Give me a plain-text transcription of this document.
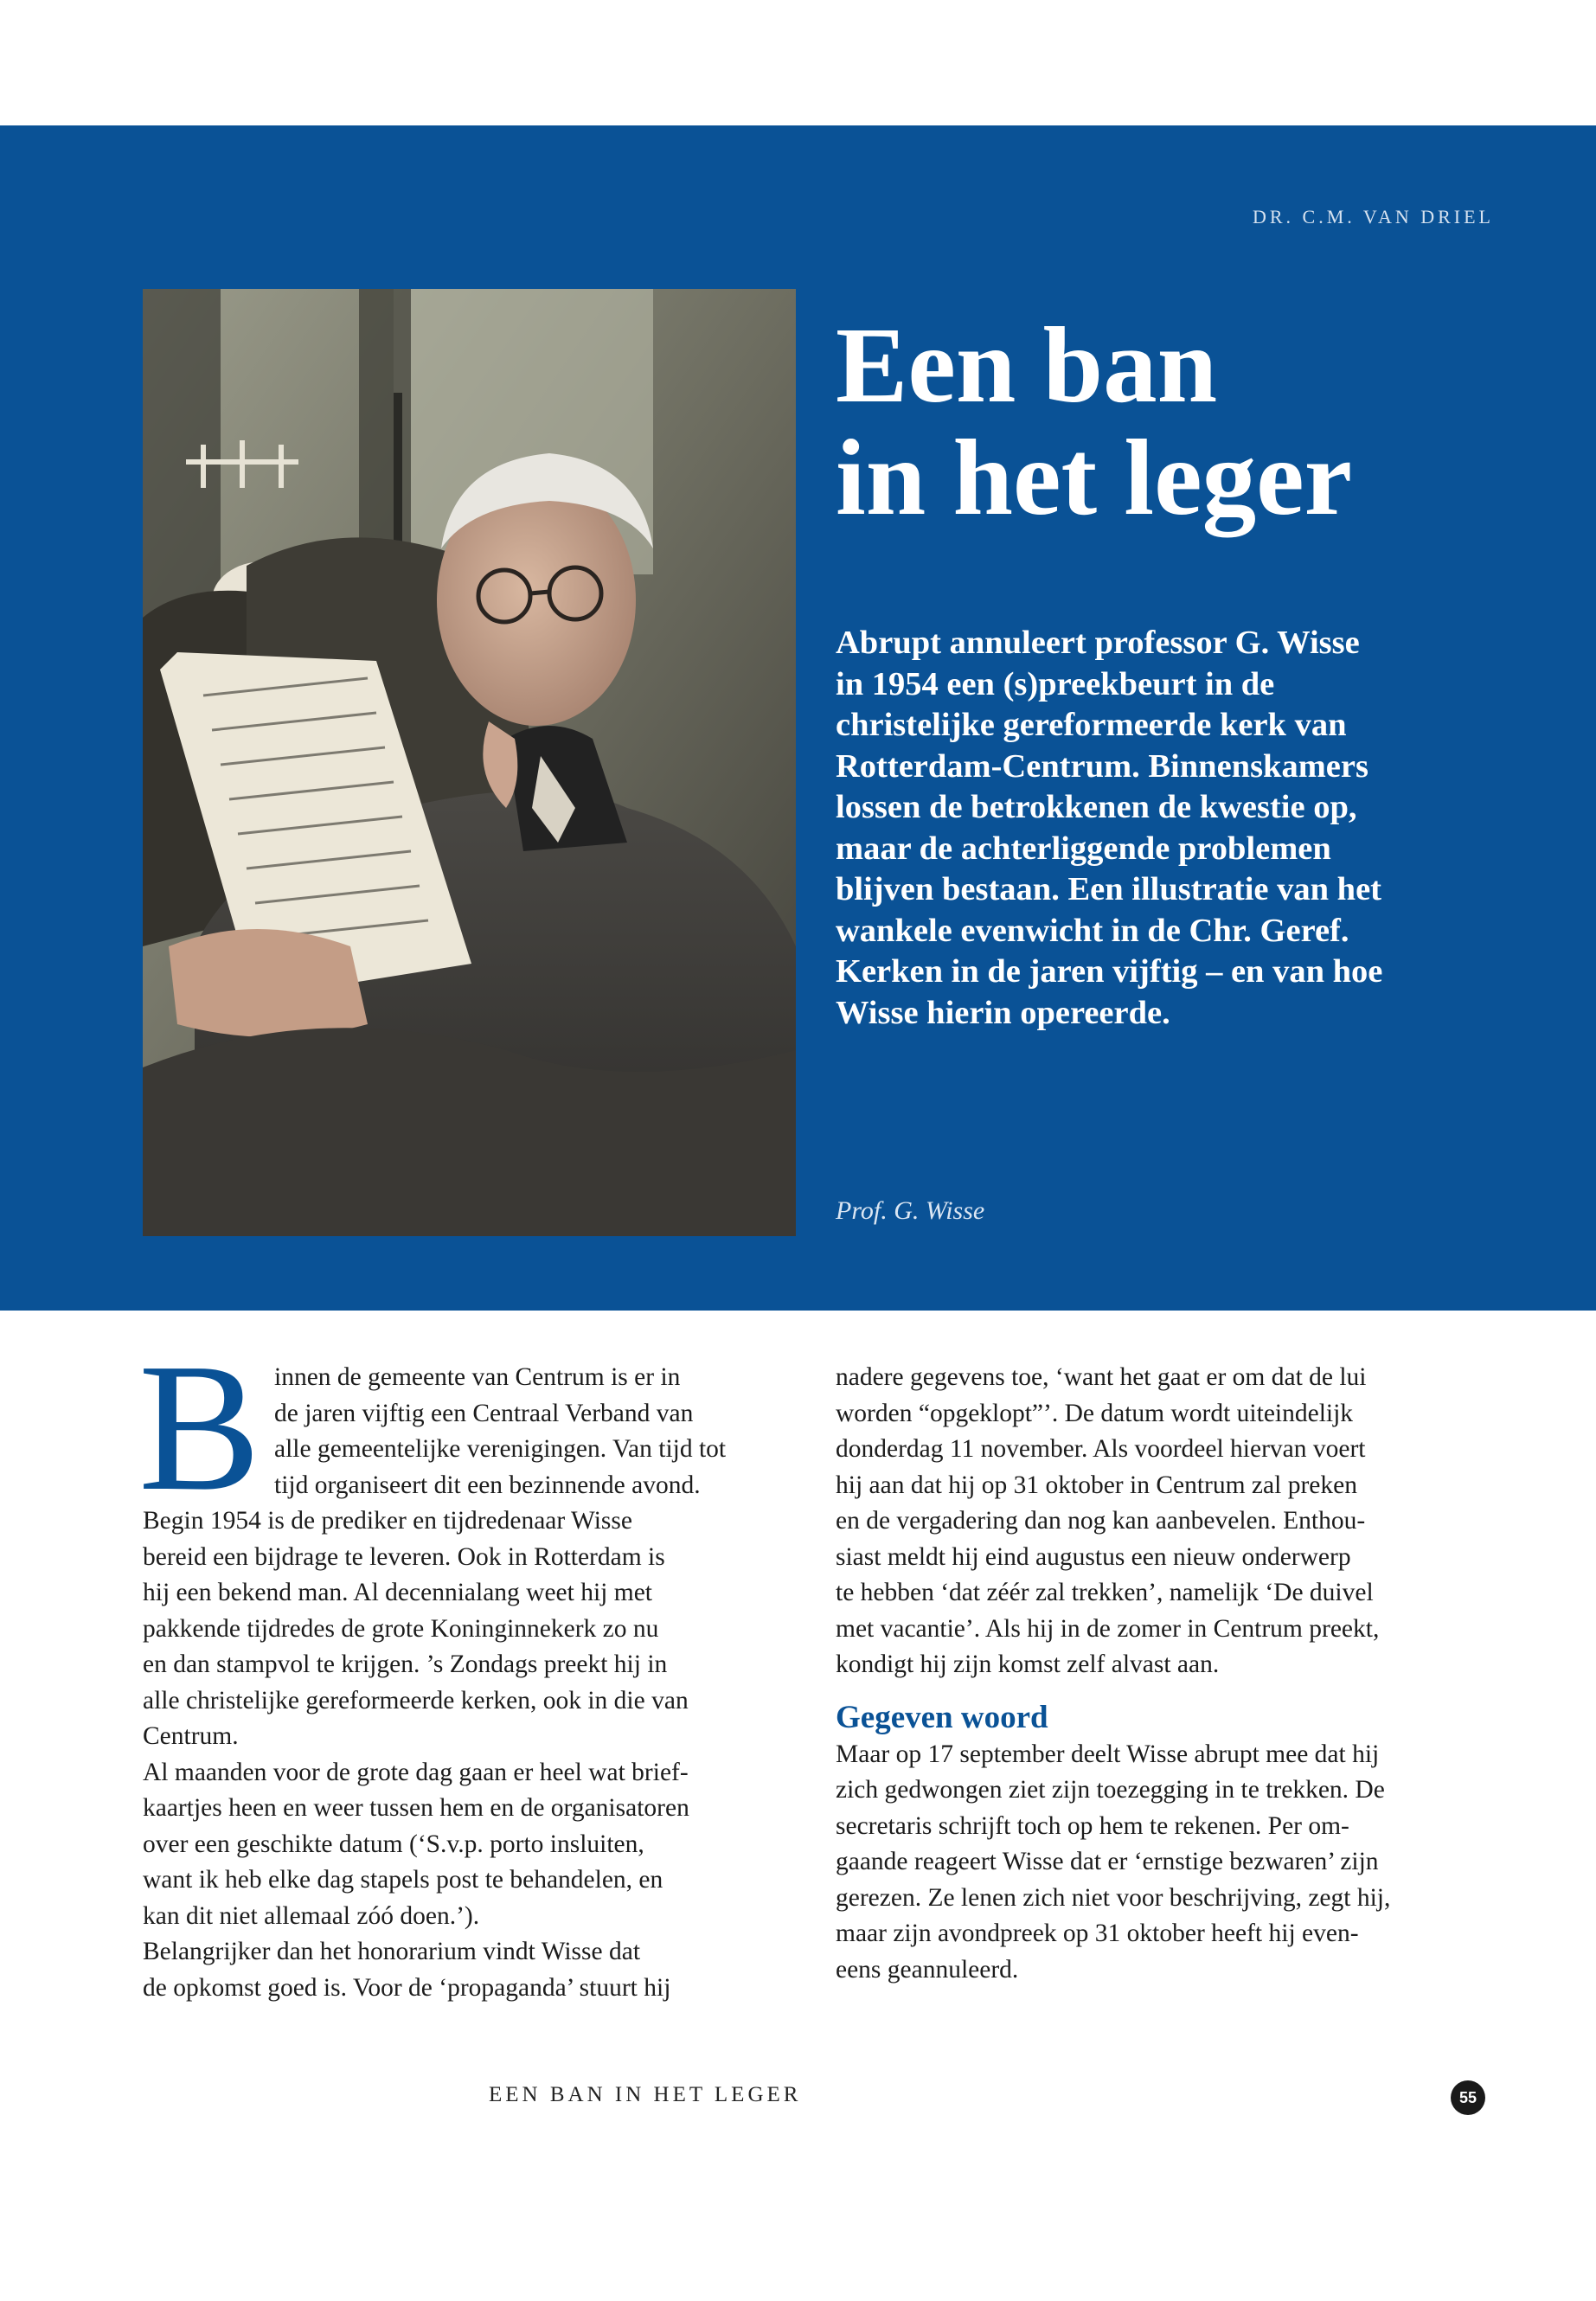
DR. C.M. VAN DRIEL
Een ban
in het leger
Abrupt annuleert professor G. Wisse
in 1954 een (s)preekbeurt in de
christelijke gereformeerde kerk van
Rotterdam-Centrum. Binnenskamers
lossen de betrokkenen de kwestie op,
maar de achterliggende problemen
blijven bestaan. Een illustratie van het
wankele evenwicht in de Chr. Geref.
Kerken in de jaren vijftig – en van hoe
Wisse hierin opereerde.
Prof. G. Wisse
B innen de gemeente van Centrum is er in
de jaren vijftig een Centraal Verband van
alle gemeentelijke verenigingen. Van tijd tot
tijd organiseert dit een bezinnende avond.
Begin 1954 is de prediker en tijdredenaar Wisse
bereid een bijdrage te leveren. Ook in Rotterdam is
hij een bekend man. Al decennialang weet hij met
pakkende tijdredes de grote Koninginnekerk zo nu
en dan stampvol te krijgen. ’s Zondags preekt hij in
alle christelijke gereformeerde kerken, ook in die van
Centrum.
Al maanden voor de grote dag gaan er heel wat brief-
kaartjes heen en weer tussen hem en de organisatoren
over een geschikte datum (‘S.v.p. porto insluiten,
want ik heb elke dag stapels post te behandelen, en
kan dit niet allemaal zóó doen.’).
Belangrijker dan het honorarium vindt Wisse dat
de opkomst goed is. Voor de ‘propaganda’ stuurt hij
nadere gegevens toe, ‘want het gaat er om dat de lui
worden “opgeklopt”’. De datum wordt uiteindelijk
donderdag 11 november. Als voordeel hiervan voert
hij aan dat hij op 31 oktober in Centrum zal preken
en de vergadering dan nog kan aanbevelen. Enthou-
siast meldt hij eind augustus een nieuw onderwerp
te hebben ‘dat zéér zal trekken’, namelijk ‘De duivel
met vacantie’. Als hij in de zomer in Centrum preekt,
kondigt hij zijn komst zelf alvast aan.
Gegeven woord
Maar op 17 september deelt Wisse abrupt mee dat hij
zich gedwongen ziet zijn toezegging in te trekken. De
secretaris schrijft toch op hem te rekenen. Per om-
gaande reageert Wisse dat er ‘ernstige bezwaren’ zijn
gerezen. Ze lenen zich niet voor beschrijving, zegt hij,
maar zijn avondpreek op 31 oktober heeft hij even-
eens geannuleerd.
EEN BAN IN HET LEGER	55
